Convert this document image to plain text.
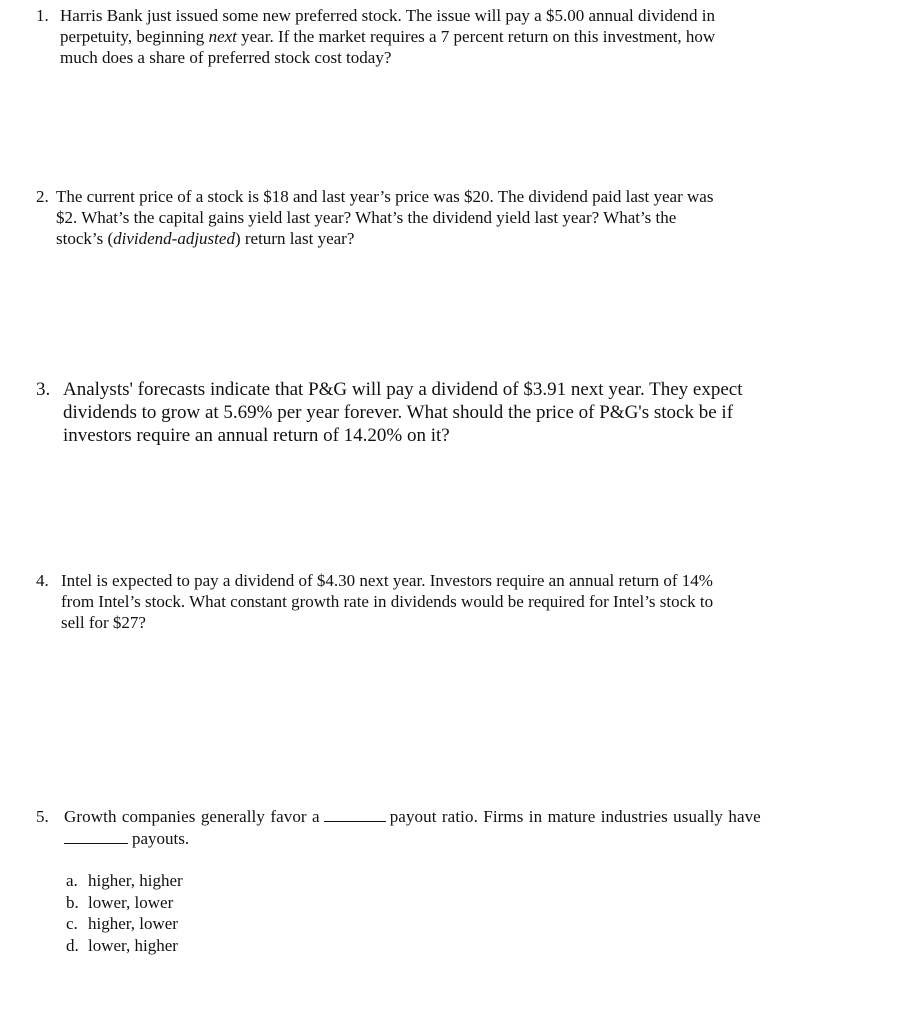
1. Harris Bank just issued some new preferred stock. The issue will pay a $5.00 annual dividend in
perpetuity, beginning next year. If the market requires a 7 percent return on this investment, how
much does a share of preferred stock cost today?
2. The current price of a stock is $18 and last year’s price was $20. The dividend paid last year was
$2. What’s the capital gains yield last year? What’s the dividend yield last year? What’s the
stock’s (dividend-adjusted) return last year?
3. Analysts' forecasts indicate that P&G will pay a dividend of $3.91 next year. They expect
dividends to grow at 5.69% per year forever. What should the price of P&G's stock be if
investors require an annual return of 14.20% on it?
4. Intel is expected to pay a dividend of $4.30 next year. Investors require an annual return of 14%
from Intel’s stock. What constant growth rate in dividends would be required for Intel’s stock to
sell for $27?
5. Growth companies generally favor a	payout ratio. Firms in mature industries usually have
payouts.
a. higher, higher
b. lower, lower
c. higher, lower
d. lower, higher
